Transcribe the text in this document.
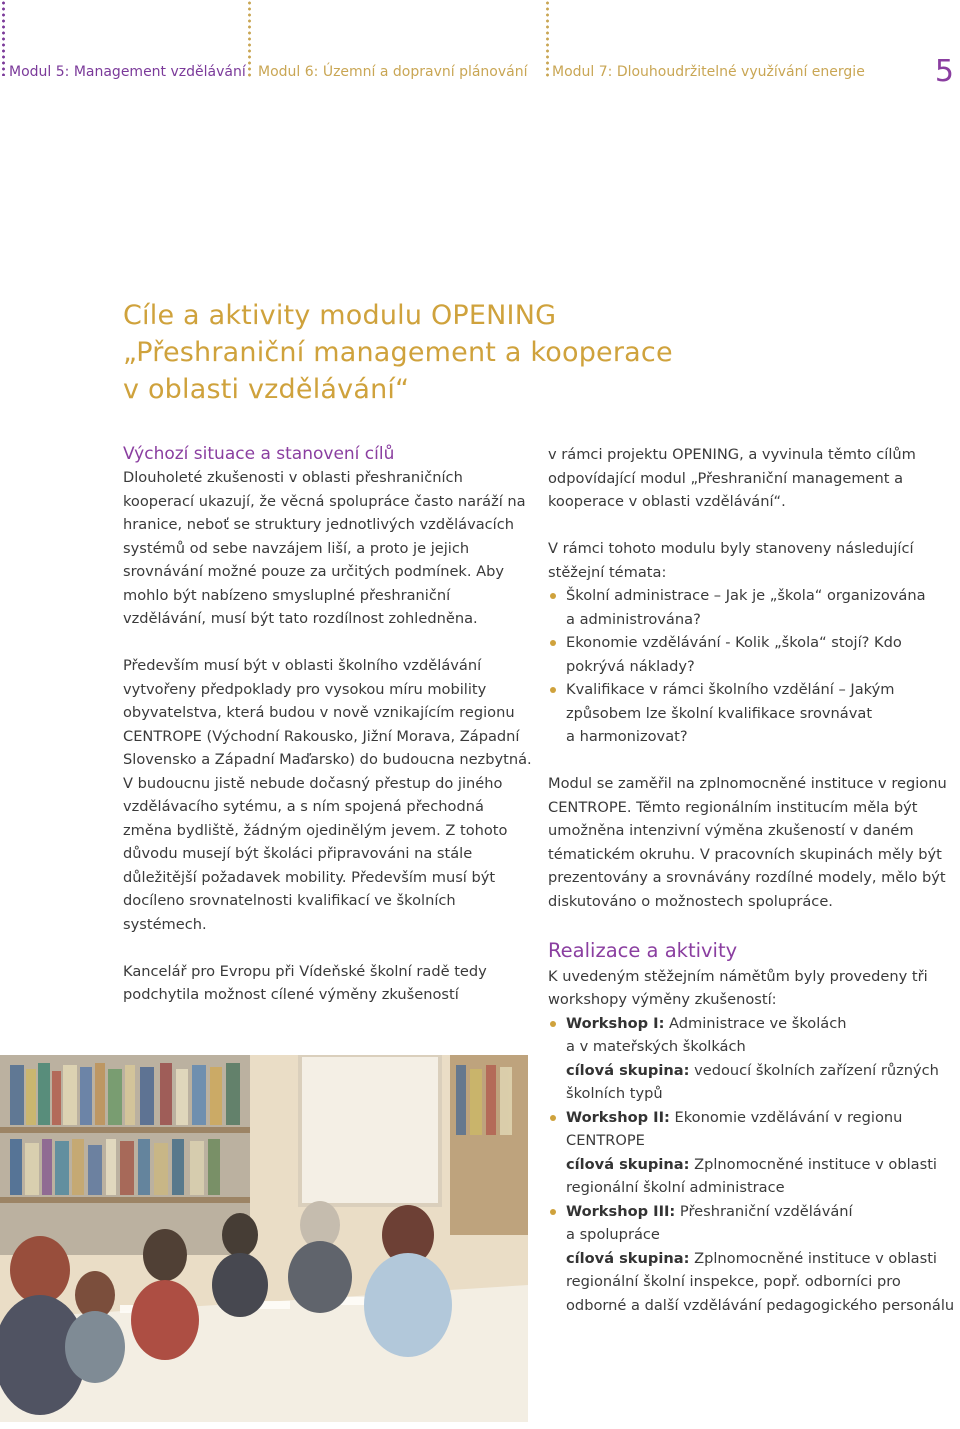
Modul 5: Management vzdělávání Modul 6: Územní a dopravní plánování Modul 7: Dlouhoudržitelné využívání energie 5
Cíle a aktivity modulu OPENING
„Přeshraniční management a kooperace
v oblasti vzdělávání“
Výchozí situace a stanovení cílů

Dlouholeté zkušenosti v oblasti přeshraničních kooperací ukazují, že věcná spolupráce často naráží na hranice, neboť se struktury jednotlivých vzdělávacích systémů od sebe navzájem liší, a proto je jejich srovnávání možné pouze za určitých podmínek. Aby mohlo být nabízeno smysluplné přeshraniční vzdělávání, musí být tato rozdílnost zohledněna.

Především musí být v oblasti školního vzdělávání vytvořeny předpoklady pro vysokou míru mobility obyvatelstva, která budou v nově vznikajícím regionu CENTROPE (Východní Rakousko, Jižní Morava, Západní Slovensko a Západní Maďarsko) do budoucna nezbytná. V budoucnu jistě nebude dočasný přestup do jiného vzdělávacího sytému, a s ním spojená přechodná změna bydliště, žádným ojedinělým jevem. Z tohoto důvodu musejí být školáci připravováni na stále důležitější požadavek mobility. Především musí být docíleno srovnatelnosti kvalifikací ve školních systémech.

Kancelář pro Evropu při Vídeňské školní radě tedy podchytila možnost cílené výměny zkušeností

v rámci projektu OPENING, a vyvinula těmto cílům odpovídající modul „Přeshraniční management a kooperace v oblasti vzdělávání“.

V rámci tohoto modulu byly stanoveny následující stěžejní témata:

Školní administrace – Jak je „škola“ organizována
a administrována?
Ekonomie vzdělávání - Kolik „škola“ stojí? Kdo
pokrývá náklady?
Kvalifikace v rámci školního vzdělání – Jakým
způsobem lze školní kvalifikace srovnávat
a harmonizovat?

Modul se zaměřil na zplnomocněné instituce v regionu CENTROPE. Těmto regionálním institucím měla být umožněna intenzivní výměna zkušeností v daném tématickém okruhu. V pracovních skupinách měly být prezentovány a srovnávány rozdílné modely, mělo být diskutováno o možnostech spolupráce.

Realizace a aktivity

K uvedeným stěžejním námětům byly provedeny tři workshopy výměny zkušeností:

Workshop I: Administrace ve školách
a v mateřských školkách
cílová skupina: vedoucí školních zařízení různých školních typů
Workshop II: Ekonomie vzdělávání v regionu
CENTROPE
cílová skupina: Zplnomocněné instituce v oblasti regionální školní administrace
Workshop III: Přeshraniční vzdělávání
a spolupráce
cílová skupina: Zplnomocněné instituce v oblasti regionální školní inspekce, popř. odborníci pro odborné a další vzdělávání pedagogického personálu
